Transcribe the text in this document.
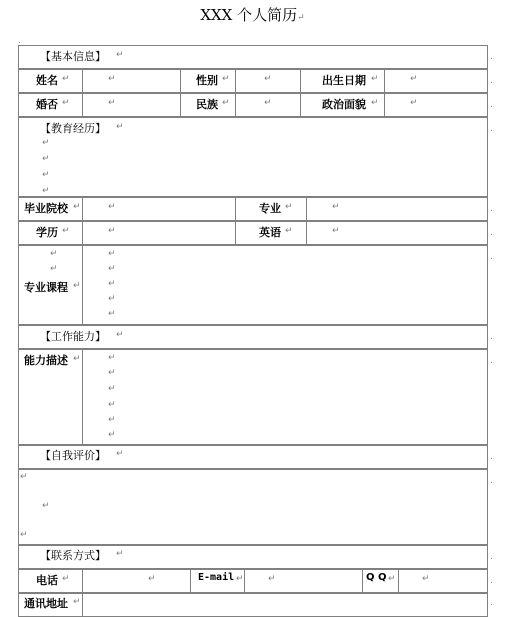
XXX 个人简历↵
.
【基本信息】 ↵
姓名 ↵	↵	性别 ↵	↵	出生日期 ↵	↵
婚否 ↵	↵	民族 ↵	↵	政治面貌 ↵	↵
【教育经历】 ↵
↵
↵
↵
↵
毕业院校 ↵	↵	专业 ↵	↵
学历 ↵	↵	英语 ↵	↵
↵
↵
专业课程 ↵
↵
↵
↵
↵
↵
【工作能力】 ↵
能力描述 ↵	↵
↵
↵
↵
↵
↵
【自我评价】 ↵
↵
↵
↵
【联系方式】 ↵
电话 ↵	↵	E-mail ↵	↵	Q Q ↵	↵
通讯地址 ↵
.
.
.
.
.
.
.
.
.
.
.
.
.
.
